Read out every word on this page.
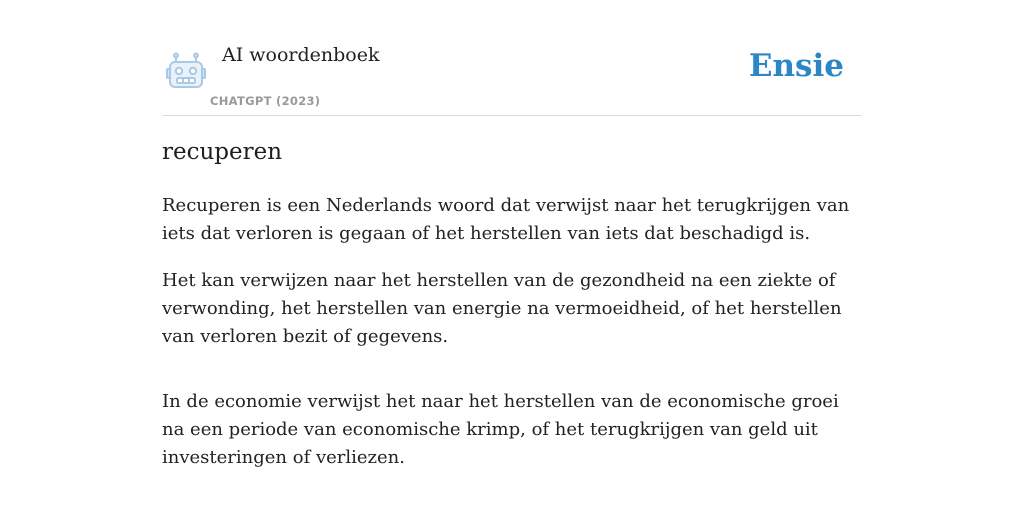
AI woordenboek
CHATGPT (2023)
Ensie
recuperen

Recuperen is een Nederlands woord dat verwijst naar het terugkrijgen van iets dat verloren is gegaan of het herstellen van iets dat beschadigd is.

Het kan verwijzen naar het herstellen van de gezondheid na een ziekte of verwonding, het herstellen van energie na vermoeidheid, of het herstellen van verloren bezit of gegevens.

In de economie verwijst het naar het herstellen van de economische groei na een periode van economische krimp, of het terugkrijgen van geld uit investeringen of verliezen.
